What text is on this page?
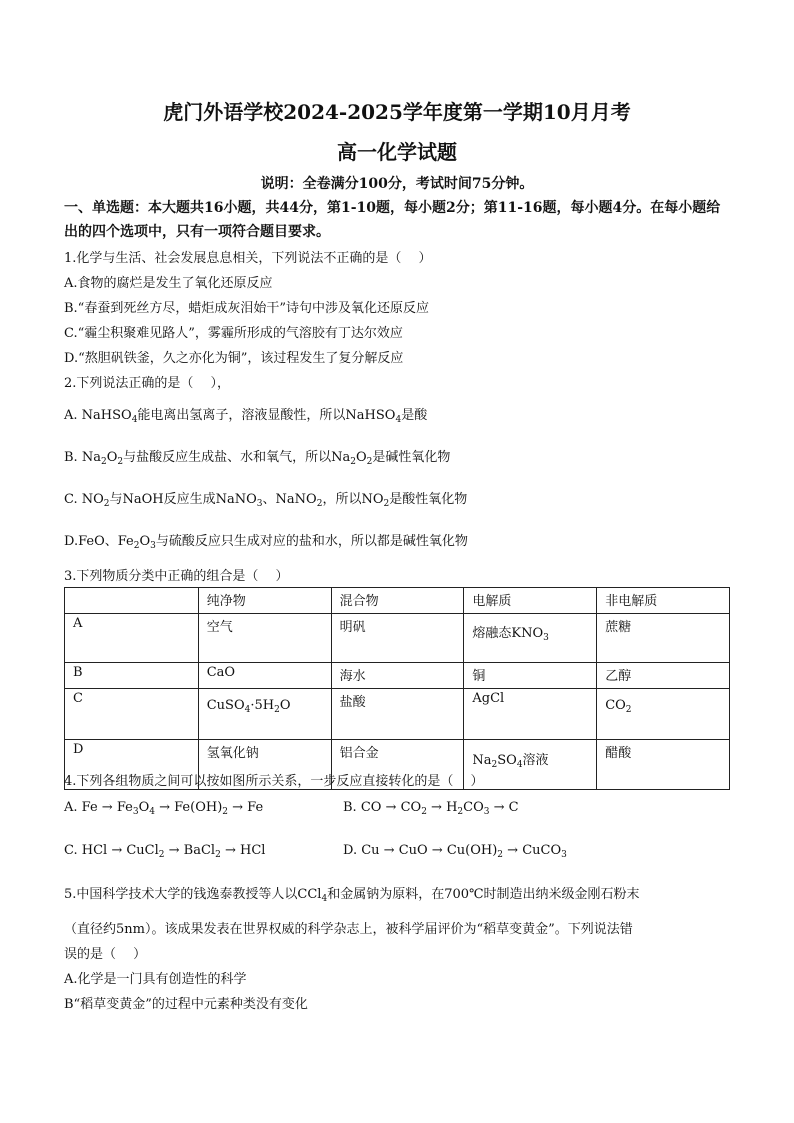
虎门外语学校2024-2025学年度第一学期10月月考
高一化学试题
说明：全卷满分100分，考试时间75分钟。
一、单选题：本大题共16小题，共44分，第1-10题，每小题2分；第11-16题，每小题4分。在每小题给出的四个选项中，只有一项符合题目要求。
1.化学与生活、社会发展息息相关，下列说法不正确的是（　 ）
A.食物的腐烂是发生了氧化还原反应
B.“春蚕到死丝方尽，蜡炬成灰泪始干”诗句中涉及氧化还原反应
C.“霾尘积聚难见路人”，雾霾所形成的气溶胶有丁达尔效应
D.“熬胆矾铁釜，久之亦化为铜”，该过程发生了复分解反应
2.下列说法正确的是（　 ），
A. NaHSO$_4$能电离出氢离子，溶液显酸性，所以NaHSO$_4$是酸
B. $Na_2O_2$与盐酸反应生成盐、水和氧气，所以$Na_2O_2$是碱性氧化物
C. $NO_2$与NaOH反应生成NaNO$_3$、NaNO$_2$，所以$NO_2$是酸性氧化物
D.FeO、$Fe_2O_3$与硫酸反应只生成对应的盐和水，所以都是碱性氧化物
3.下列物质分类中正确的组合是（　 ）
	纯净物	混合物	电解质	非电解质
A	空气	明矾	熔融态$KNO_3$	蔗糖
B	CaO	海水	铜	乙醇
C	$CuSO_4\cdot 5H_2O$	盐酸	AgCl	$CO_2$
D	氢氧化钠	铝合金	$Na_2SO_4$溶液	醋酸
4.下列各组物质之间可以按如图所示关系，一步反应直接转化的是（　 ）
A. $Fe \to Fe_3O_4 \to Fe(OH)_2 \to Fe$	B. CO → $CO_2 \to H_2CO_3 \to C$
C. HCl → CuCl$_2$ → BaCl$_2$ → HCl	D. Cu → CuO → $Cu(OH)_2$ → CuCO$_3$
5.中国科学技术大学的钱逸泰教授等人以CCl$_4$和金属钠为原料，在700℃时制造出纳米级金刚石粉末
（直径约5nm）。该成果发表在世界权威的科学杂志上，被科学届评价为“稻草变黄金”。下列说法错
误的是（　 ）
A.化学是一门具有创造性的科学
B“稻草变黄金”的过程中元素种类没有变化
